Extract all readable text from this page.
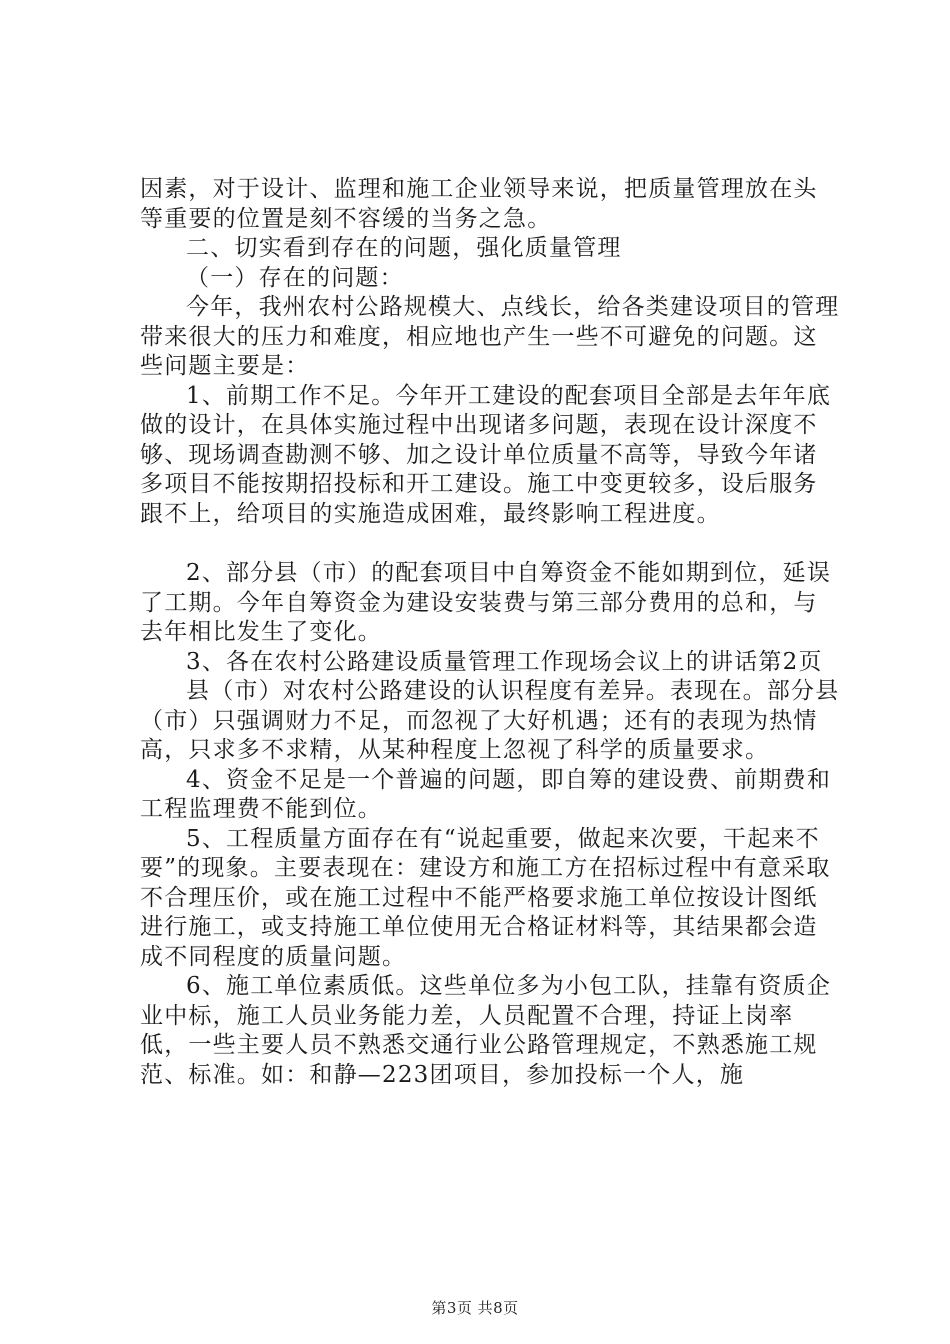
因素，对于设计、监理和施工企业领导来说，把质量管理放在头等重要的位置是刻不容缓的当务之急。

二、切实看到存在的问题，强化质量管理

（一）存在的问题：

今年，我州农村公路规模大、点线长，给各类建设项目的管理带来很大的压力和难度，相应地也产生一些不可避免的问题。这些问题主要是：

1、前期工作不足。今年开工建设的配套项目全部是去年年底做的设计，在具体实施过程中出现诸多问题，表现在设计深度不够、现场调查勘测不够、加之设计单位质量不高等，导致今年诸多项目不能按期招投标和开工建设。施工中变更较多，设后服务跟不上，给项目的实施造成困难，最终影响工程进度。

2、部分县（市）的配套项目中自筹资金不能如期到位，延误了工期。今年自筹资金为建设安装费与第三部分费用的总和，与去年相比发生了变化。

3、各在农村公路建设质量管理工作现场会议上的讲话第2页

县（市）对农村公路建设的认识程度有差异。表现在。部分县（市）只强调财力不足，而忽视了大好机遇；还有的表现为热情高，只求多不求精，从某种程度上忽视了科学的质量要求。

4、资金不足是一个普遍的问题，即自筹的建设费、前期费和工程监理费不能到位。

5、工程质量方面存在有“说起重要，做起来次要，干起来不要”的现象。主要表现在：建设方和施工方在招标过程中有意采取不合理压价，或在施工过程中不能严格要求施工单位按设计图纸进行施工，或支持施工单位使用无合格证材料等，其结果都会造成不同程度的质量问题。

6、施工单位素质低。这些单位多为小包工队，挂靠有资质企业中标，施工人员业务能力差，人员配置不合理，持证上岗率低，一些主要人员不熟悉交通行业公路管理规定，不熟悉施工规范、标准。如：和静—223团项目，参加投标一个人，施

第3页 共8页
